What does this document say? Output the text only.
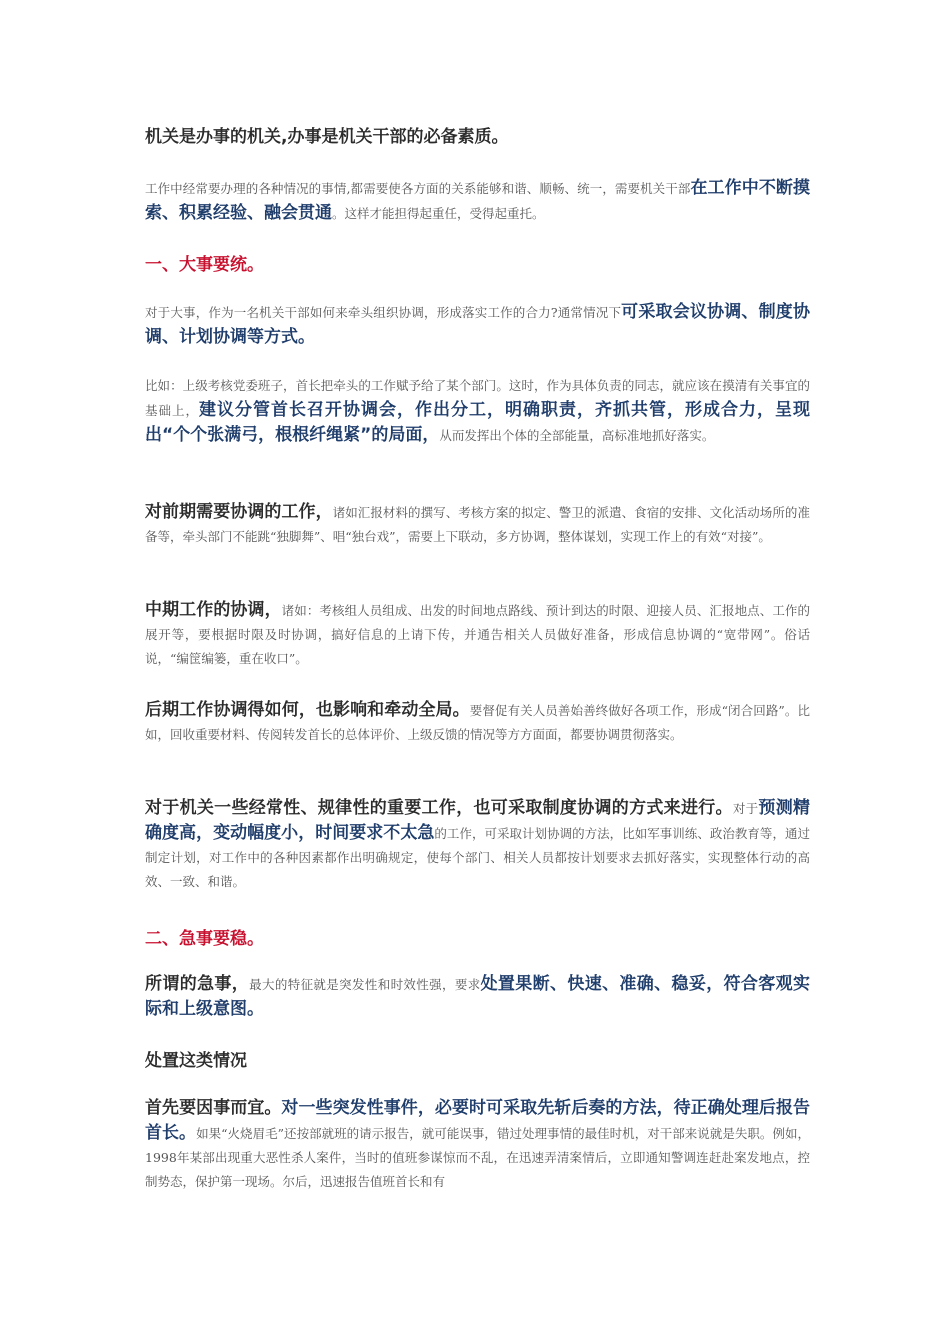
机关是办事的机关,办事是机关干部的必备素质。

工作中经常要办理的各种情况的事情,都需要使各方面的关系能够和谐、顺畅、统一，需要机关干部在工作中不断摸索、积累经验、融会贯通。这样才能担得起重任，受得起重托。

一、大事要统。

对于大事，作为一名机关干部如何来牵头组织协调，形成落实工作的合力?通常情况下可采取会议协调、制度协调、计划协调等方式。

比如：上级考核党委班子，首长把牵头的工作赋予给了某个部门。这时，作为具体负责的同志，就应该在摸清有关事宜的基础上，建议分管首长召开协调会，作出分工，明确职责，齐抓共管，形成合力，呈现出“个个张满弓，根根纤绳紧”的局面，从而发挥出个体的全部能量，高标准地抓好落实。

对前期需要协调的工作，诸如汇报材料的撰写、考核方案的拟定、警卫的派遣、食宿的安排、文化活动场所的准备等，牵头部门不能跳“独脚舞”、唱“独台戏”，需要上下联动，多方协调，整体谋划，实现工作上的有效“对接”。

中期工作的协调，诸如：考核组人员组成、出发的时间地点路线、预计到达的时限、迎接人员、汇报地点、工作的展开等，要根据时限及时协调，搞好信息的上请下传，并通告相关人员做好准备，形成信息协调的“宽带网”。俗话说，“编筐编篓，重在收口”。

后期工作协调得如何，也影响和牵动全局。要督促有关人员善始善终做好各项工作，形成“闭合回路”。比如，回收重要材料、传阅转发首长的总体评价、上级反馈的情况等方方面面，都要协调贯彻落实。

对于机关一些经常性、规律性的重要工作，也可采取制度协调的方式来进行。对于预测精确度高，变动幅度小，时间要求不太急的工作，可采取计划协调的方法，比如军事训练、政治教育等，通过制定计划，对工作中的各种因素都作出明确规定，使每个部门、相关人员都按计划要求去抓好落实，实现整体行动的高效、一致、和谐。

二、急事要稳。

所谓的急事，最大的特征就是突发性和时效性强，要求处置果断、快速、准确、稳妥，符合客观实际和上级意图。

处置这类情况

首先要因事而宜。对一些突发性事件，必要时可采取先斩后奏的方法，待正确处理后报告首长。如果“火烧眉毛”还按部就班的请示报告，就可能误事，错过处理事情的最佳时机，对干部来说就是失职。例如，1998年某部出现重大恶性杀人案件，当时的值班参谋惊而不乱，在迅速弄清案情后，立即通知警调连赶赴案发地点，控制势态，保护第一现场。尔后，迅速报告值班首长和有
